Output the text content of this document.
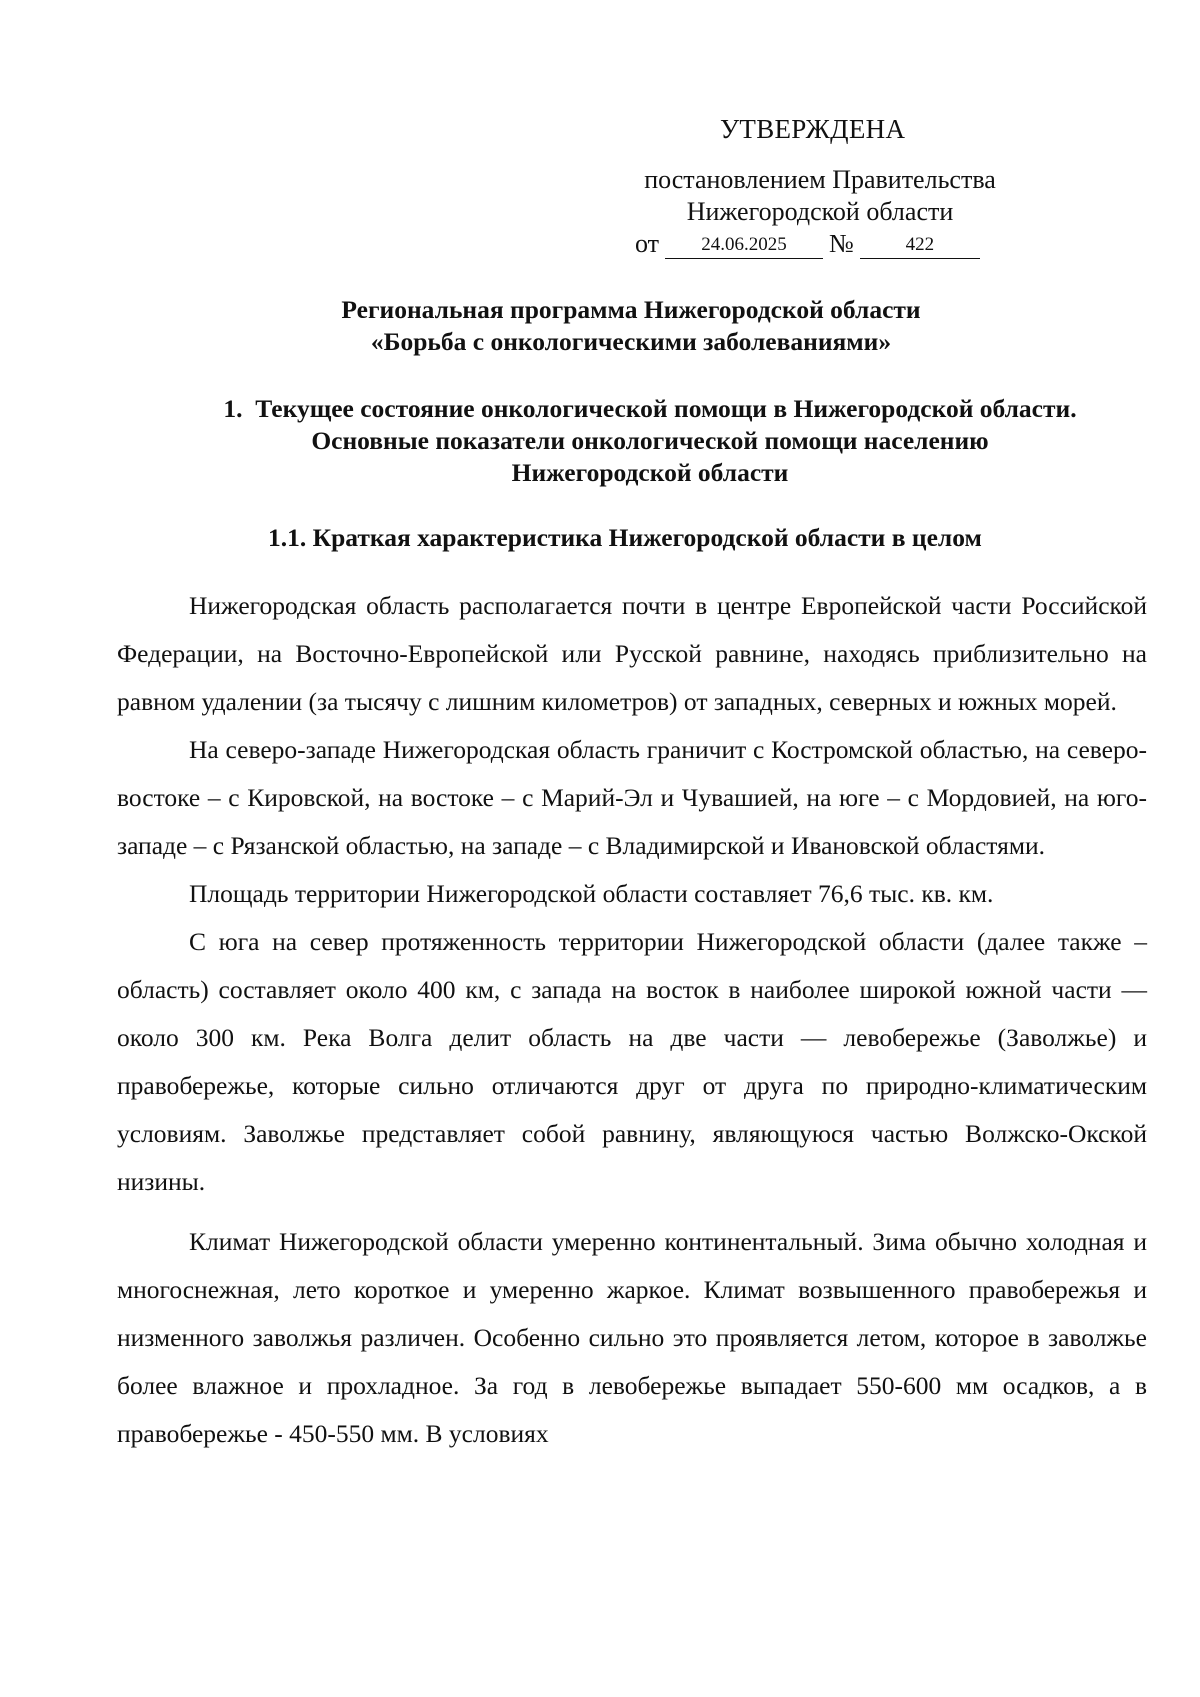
УТВЕРЖДЕНА
постановлением Правительства
Нижегородской области
от 24.06.2025 №	422
Региональная программа Нижегородской области
«Борьба с онкологическими заболеваниями»
1. Текущее состояние онкологической помощи в Нижегородской области.
Основные показатели онкологической помощи населению
Нижегородской области
1.1. Краткая характеристика Нижегородской области в целом

Нижегородская область располагается почти в центре Европейской части Российской Федерации, на Восточно-Европейской или Русской равнине, находясь приблизительно на равном удалении (за тысячу с лишним километров) от западных, северных и южных морей.

На северо-западе Нижегородская область граничит с Костромской областью, на северо-востоке – с Кировской, на востоке – с Марий-Эл и Чувашией, на юге – с Мордовией, на юго-западе – с Рязанской областью, на западе – с Владимирской и Ивановской областями.

Площадь территории Нижегородской области составляет 76,6 тыс. кв. км.

С юга на север протяженность территории Нижегородской области (далее также – область) составляет около 400 км, с запада на восток в наиболее широкой южной части — около 300 км. Река Волга делит область на две части — левобережье (Заволжье) и правобережье, которые сильно отличаются друг от друга по природно-климатическим условиям. Заволжье представляет собой равнину, являющуюся частью Волжско-Окской низины.

Климат Нижегородской области умеренно континентальный. Зима обычно холодная и многоснежная, лето короткое и умеренно жаркое. Климат возвышенного правобережья и низменного заволжья различен. Особенно сильно это проявляется летом, которое в заволжье более влажное и прохладное. За год в левобережье выпадает 550-600 мм осадков, а в правобережье - 450-550 мм. В условиях
